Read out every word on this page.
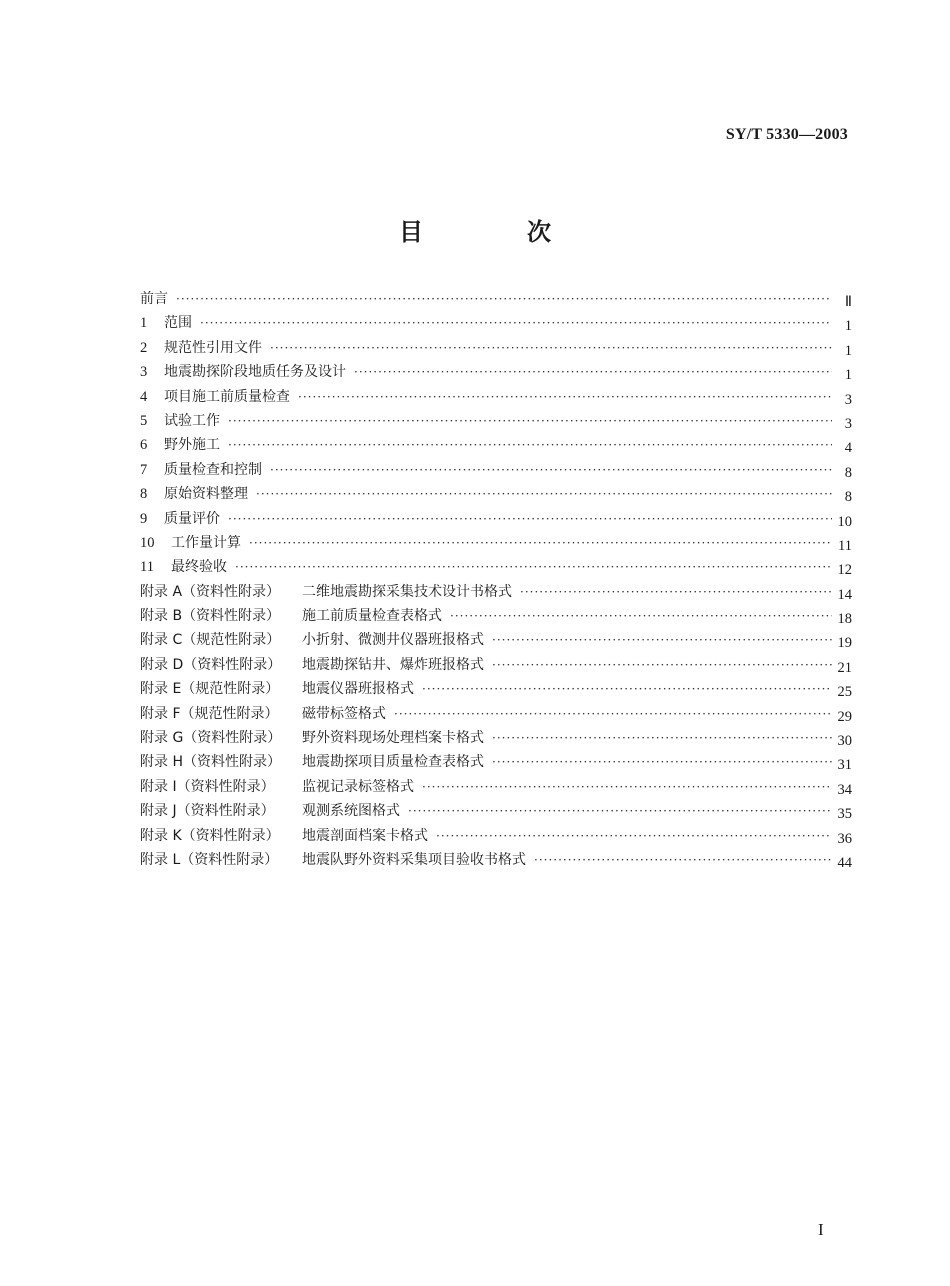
SY/T 5330—2003
目　次
前言 ·····	Ⅱ
1	范围 ·····	1
2	规范性引用文件 ·····	1
3	地震勘探阶段地质任务及设计 ·····	1
4	项目施工前质量检查 ·····	3
5	试验工作 ·····	3
6	野外施工 ·····	4
7	质量检查和控制 ·····	8
8	原始资料整理 ·····	8
9	质量评价 ·····	10
10	工作量计算 ·····	11
11	最终验收 ·····	12
附录 A（资料性附录）	二维地震勘探采集技术设计书格式 ·····	14
附录 B（资料性附录）	施工前质量检查表格式 ·····	18
附录 C（规范性附录）	小折射、微测井仪器班报格式 ·····	19
附录 D（资料性附录）	地震勘探钻井、爆炸班报格式 ·····	21
附录 E（规范性附录）	地震仪器班报格式 ·····	25
附录 F（规范性附录）	磁带标签格式 ·····	29
附录 G（资料性附录）	野外资料现场处理档案卡格式 ·····	30
附录 H（资料性附录）	地震勘探项目质量检查表格式 ·····	31
附录 I（资料性附录）	监视记录标签格式 ·····	34
附录 J（资料性附录）	观测系统图格式 ·····	35
附录 K（资料性附录）	地震剖面档案卡格式 ·····	36
附录 L（资料性附录）	地震队野外资料采集项目验收书格式 ·····	44
I
